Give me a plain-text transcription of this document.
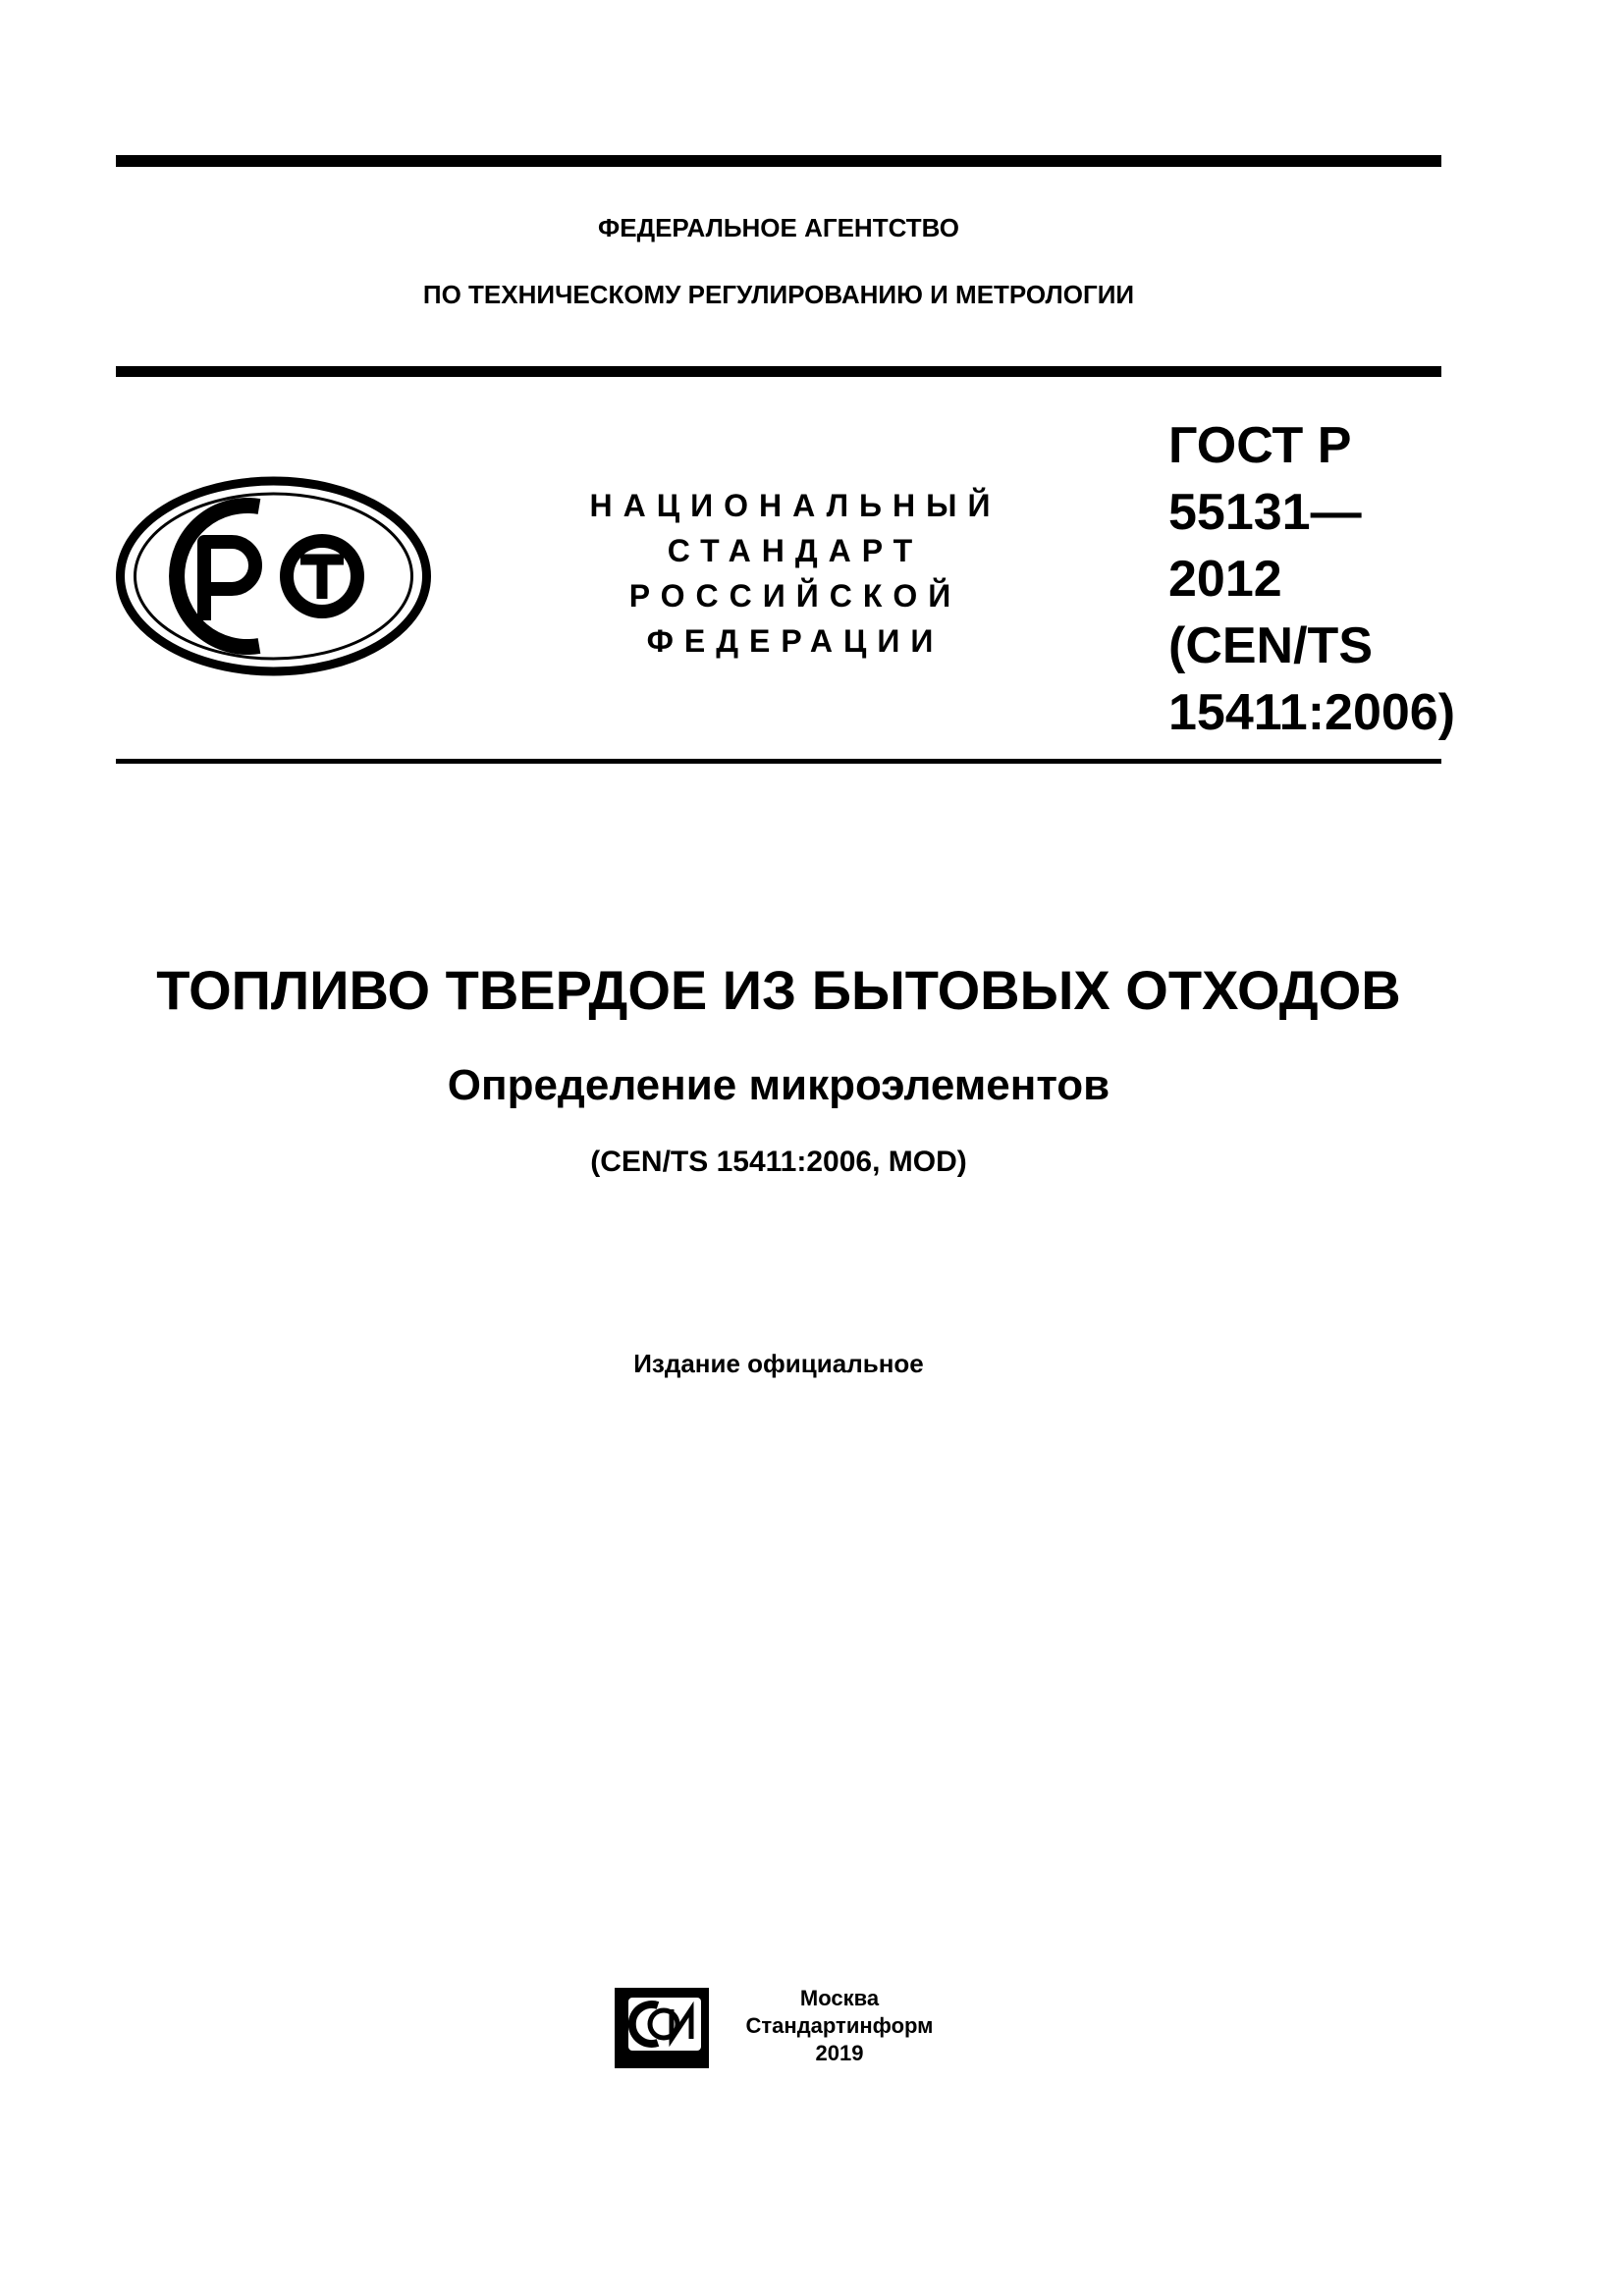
ФЕДЕРАЛЬНОЕ АГЕНТСТВО
ПО ТЕХНИЧЕСКОМУ РЕГУЛИРОВАНИЮ И МЕТРОЛОГИИ
НАЦИОНАЛЬНЫЙ
СТАНДАРТ
РОССИЙСКОЙ
ФЕДЕРАЦИИ
ГОСТ Р
55131—
2012
(CEN/TS
15411:2006)
ТОПЛИВО ТВЕРДОЕ ИЗ БЫТОВЫХ ОТХОДОВ
Определение микроэлементов
(CEN/TS 15411:2006, MOD)
Издание официальное
Москва
Стандартинформ
2019
